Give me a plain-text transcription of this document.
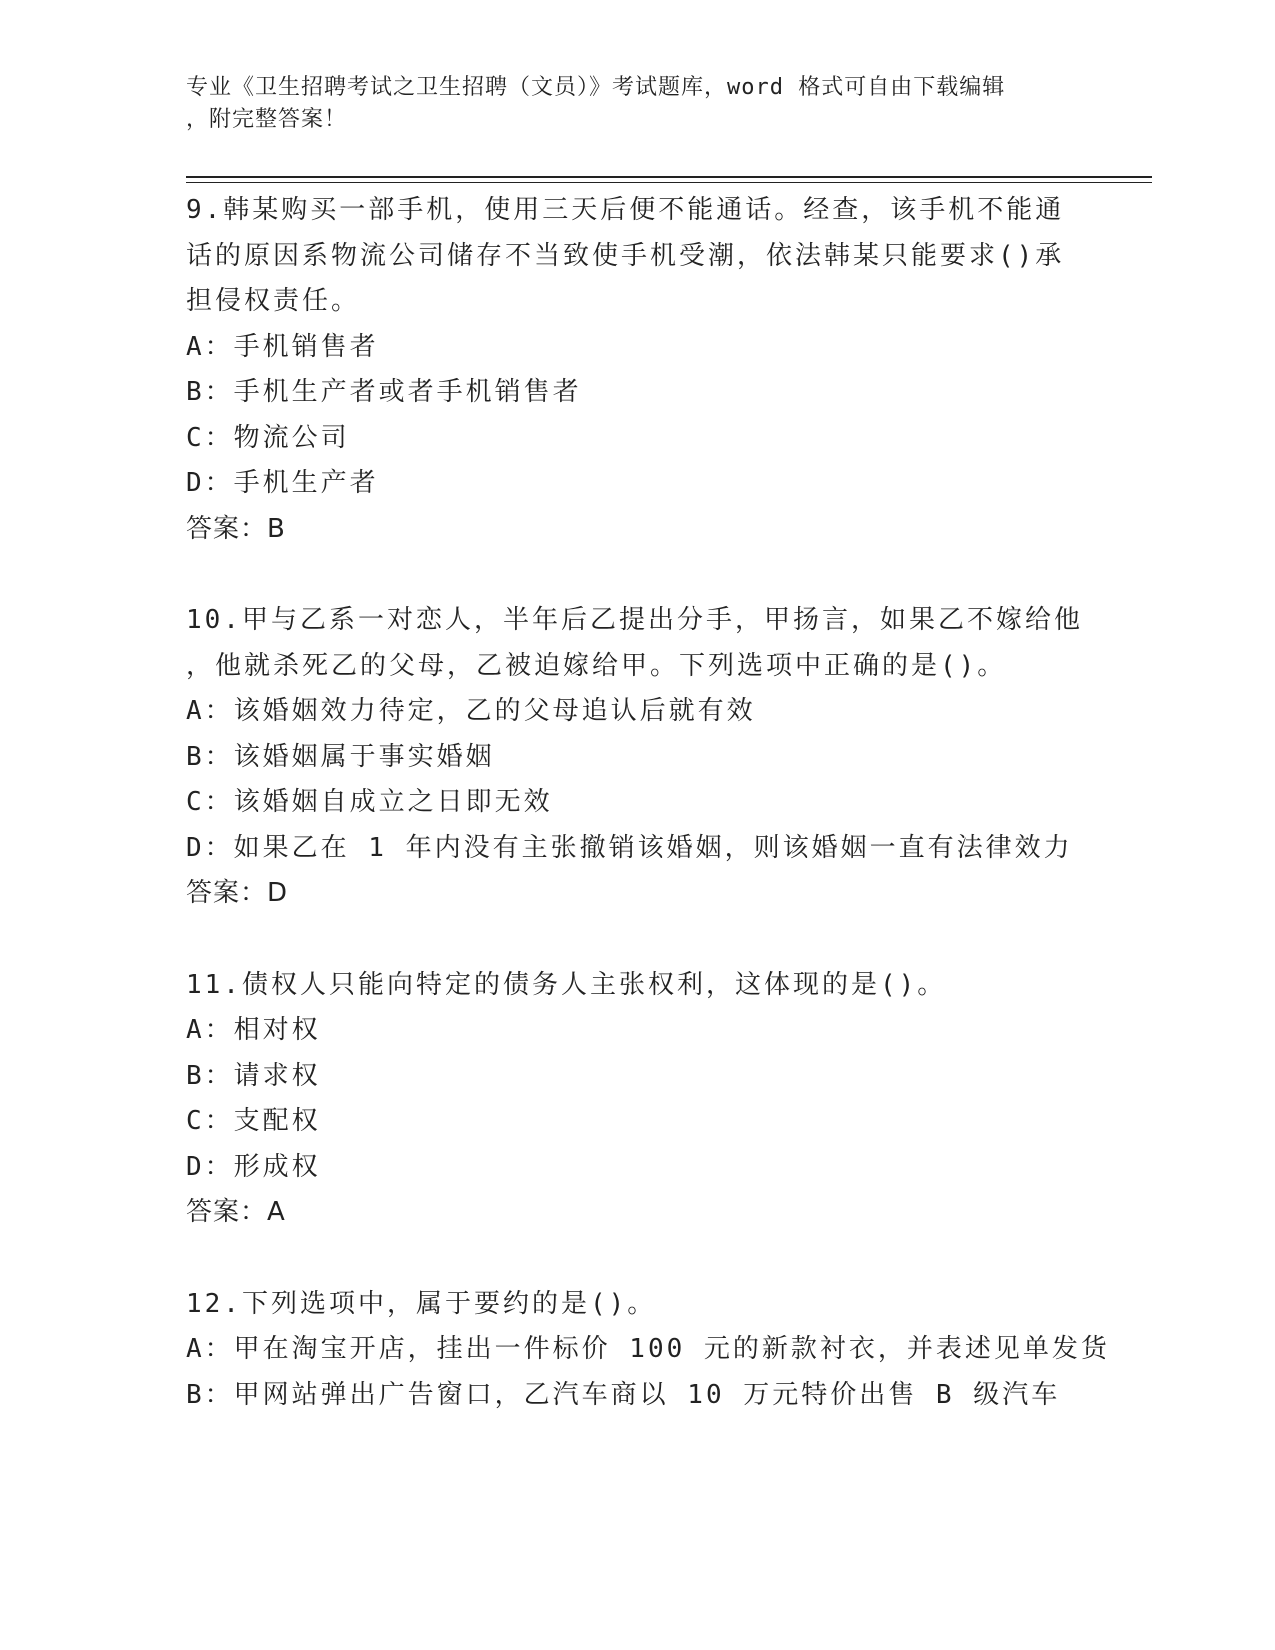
专业《卫生招聘考试之卫生招聘（文员）》考试题库，word 格式可自由下载编辑
，附完整答案！
9.韩某购买一部手机，使用三天后便不能通话。经查，该手机不能通
话的原因系物流公司储存不当致使手机受潮，依法韩某只能要求()承
担侵权责任。
A：手机销售者
B：手机生产者或者手机销售者
C：物流公司
D：手机生产者
答案：B
10.甲与乙系一对恋人，半年后乙提出分手，甲扬言，如果乙不嫁给他
，他就杀死乙的父母，乙被迫嫁给甲。下列选项中正确的是()。
A：该婚姻效力待定，乙的父母追认后就有效
B：该婚姻属于事实婚姻
C：该婚姻自成立之日即无效
D：如果乙在 1 年内没有主张撤销该婚姻，则该婚姻一直有法律效力
答案：D
11.债权人只能向特定的债务人主张权利，这体现的是()。
A：相对权
B：请求权
C：支配权
D：形成权
答案：A
12.下列选项中，属于要约的是()。
A：甲在淘宝开店，挂出一件标价 100 元的新款衬衣，并表述见单发货
B：甲网站弹出广告窗口，乙汽车商以 10 万元特价出售 B 级汽车
